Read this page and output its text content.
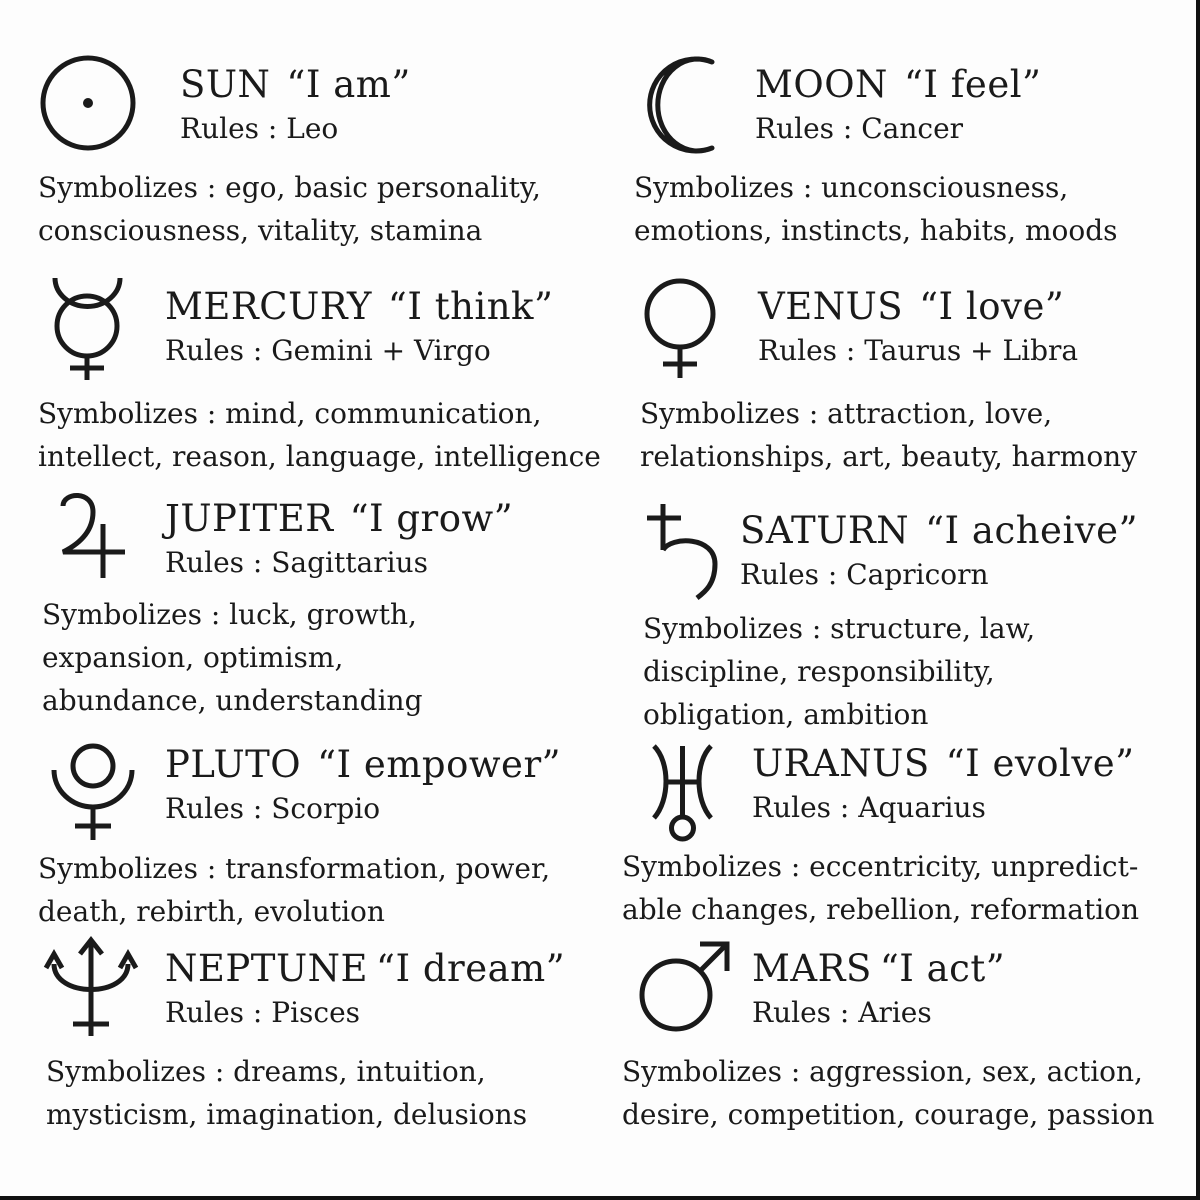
SUN “I am”
Rules : Leo
Symbolizes : ego, basic personality,
consciousness, vitality, stamina
MOON “I feel”
Rules : Cancer
Symbolizes : unconsciousness,
emotions, instincts, habits, moods
MERCURY “I think”
Rules : Gemini + Virgo
Symbolizes : mind, communication,
intellect, reason, language, intelligence
VENUS “I love”
Rules : Taurus + Libra
Symbolizes : attraction, love,
relationships, art, beauty, harmony
JUPITER “I grow”
Rules : Sagittarius
Symbolizes : luck, growth,
expansion, optimism,
abundance, understanding
SATURN “I acheive”
Rules : Capricorn
Symbolizes : structure, law,
discipline, responsibility,
obligation, ambition
PLUTO “I empower”
Rules : Scorpio
Symbolizes : transformation, power,
death, rebirth, evolution
URANUS “I evolve”
Rules : Aquarius
Symbolizes : eccentricity, unpredict-
able changes, rebellion, reformation
NEPTUNE “I dream”
Rules : Pisces
Symbolizes : dreams, intuition,
mysticism, imagination, delusions
MARS “I act”
Rules : Aries
Symbolizes : aggression, sex, action,
desire, competition, courage, passion
